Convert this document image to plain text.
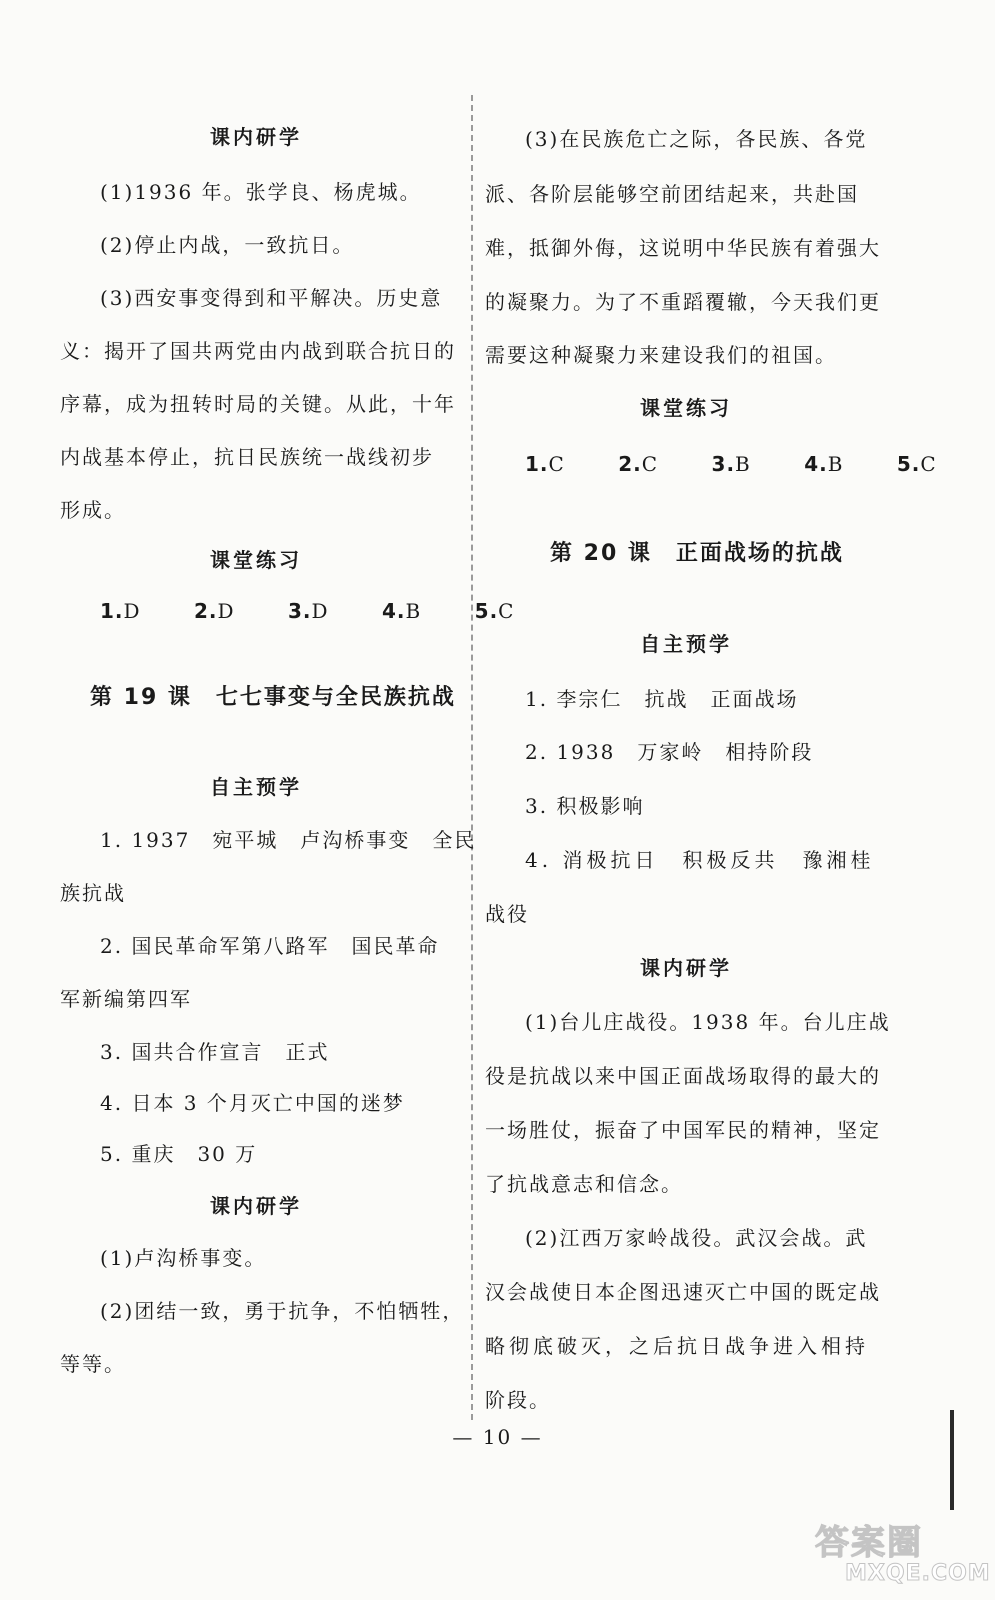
课内研学
(1)1936 年。张学良、杨虎城。
(2)停止内战，一致抗日。
(3)西安事变得到和平解决。历史意
义：揭开了国共两党由内战到联合抗日的
序幕，成为扭转时局的关键。从此，十年
内战基本停止，抗日民族统一战线初步
形成。
课堂练习
1.D	2.D	3.D	4.B	5.C
第 19 课　七七事变与全民族抗战
自主预学
1. 1937　宛平城　卢沟桥事变　全民
族抗战
2. 国民革命军第八路军　国民革命
军新编第四军
3. 国共合作宣言　正式
4. 日本 3 个月灭亡中国的迷梦
5. 重庆　30 万
课内研学
(1)卢沟桥事变。
(2)团结一致，勇于抗争，不怕牺牲，
等等。
(3)在民族危亡之际，各民族、各党
派、各阶层能够空前团结起来，共赴国
难，抵御外侮，这说明中华民族有着强大
的凝聚力。为了不重蹈覆辙，今天我们更
需要这种凝聚力来建设我们的祖国。
课堂练习
1.C	2.C	3.B	4.B	5.C
第 20 课　正面战场的抗战
自主预学
1. 李宗仁　抗战　正面战场
2. 1938　万家岭　相持阶段
3. 积极影响
4. 消极抗日　积极反共　豫湘桂
战役
课内研学
(1)台儿庄战役。1938 年。台儿庄战
役是抗战以来中国正面战场取得的最大的
一场胜仗，振奋了中国军民的精神，坚定
了抗战意志和信念。
(2)江西万家岭战役。武汉会战。武
汉会战使日本企图迅速灭亡中国的既定战
略彻底破灭，之后抗日战争进入相持
阶段。
— 10 —
答案圈
MXQE.COM
